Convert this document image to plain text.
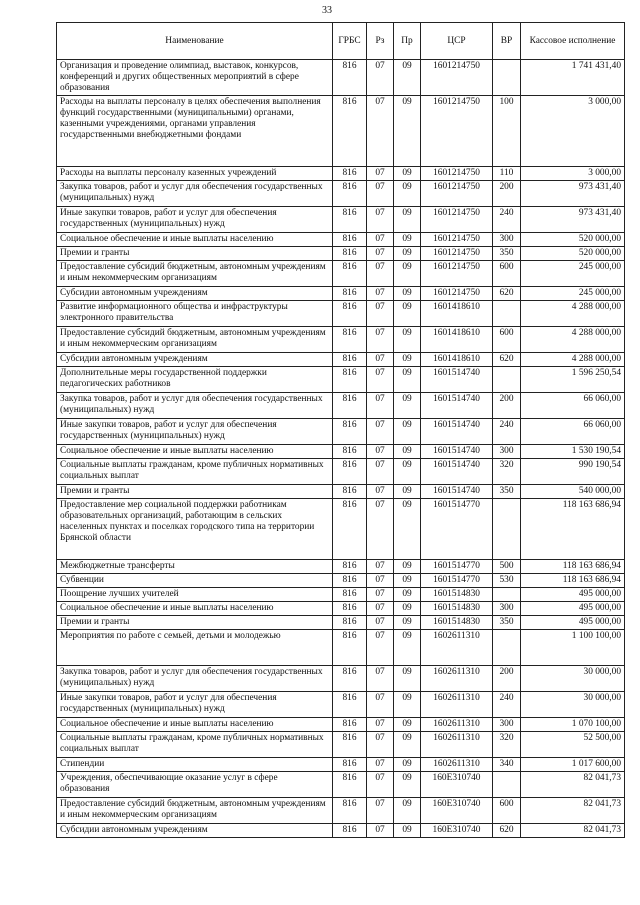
33
Наименование	ГРБС	Рз	Пр	ЦСР	ВР	Кассовое исполнение
Организация и проведение олимпиад, выставок, конкурсов, конференций и других общественных мероприятий в сфере образования	816	07	09	1601214750		1 741 431,40
Расходы на выплаты персоналу в целях обеспечения выполнения функций государственными (муниципальными) органами, казенными учреждениями, органами управления государственными внебюджетными фондами	816	07	09	1601214750	100	3 000,00
Расходы на выплаты персоналу казенных учреждений	816	07	09	1601214750	110	3 000,00
Закупка товаров, работ и услуг для обеспечения государственных (муниципальных) нужд	816	07	09	1601214750	200	973 431,40
Иные закупки товаров, работ и услуг для обеспечения государственных (муниципальных) нужд	816	07	09	1601214750	240	973 431,40
Социальное обеспечение и иные выплаты населению	816	07	09	1601214750	300	520 000,00
Премии и гранты	816	07	09	1601214750	350	520 000,00
Предоставление субсидий бюджетным, автономным учреждениям и иным некоммерческим организациям	816	07	09	1601214750	600	245 000,00
Субсидии автономным учреждениям	816	07	09	1601214750	620	245 000,00
Развитие информационного общества и инфраструктуры электронного правительства	816	07	09	1601418610		4 288 000,00
Предоставление субсидий бюджетным, автономным учреждениям и иным некоммерческим организациям	816	07	09	1601418610	600	4 288 000,00
Субсидии автономным учреждениям	816	07	09	1601418610	620	4 288 000,00
Дополнительные меры государственной поддержки педагогических работников	816	07	09	1601514740		1 596 250,54
Закупка товаров, работ и услуг для обеспечения государственных (муниципальных) нужд	816	07	09	1601514740	200	66 060,00
Иные закупки товаров, работ и услуг для обеспечения государственных (муниципальных) нужд	816	07	09	1601514740	240	66 060,00
Социальное обеспечение и иные выплаты населению	816	07	09	1601514740	300	1 530 190,54
Социальные выплаты гражданам, кроме публичных нормативных социальных выплат	816	07	09	1601514740	320	990 190,54
Премии и гранты	816	07	09	1601514740	350	540 000,00
Предоставление мер социальной поддержки работникам образовательных организаций, работающим в сельских населенных пунктах и поселках городского типа на территории Брянской области	816	07	09	1601514770		118 163 686,94
Межбюджетные трансферты	816	07	09	1601514770	500	118 163 686,94
Субвенции	816	07	09	1601514770	530	118 163 686,94
Поощрение лучших учителей	816	07	09	1601514830		495 000,00
Социальное обеспечение и иные выплаты населению	816	07	09	1601514830	300	495 000,00
Премии и гранты	816	07	09	1601514830	350	495 000,00
Мероприятия по работе с семьей, детьми и молодежью	816	07	09	1602611310		1 100 100,00
Закупка товаров, работ и услуг для обеспечения государственных (муниципальных) нужд	816	07	09	1602611310	200	30 000,00
Иные закупки товаров, работ и услуг для обеспечения государственных (муниципальных) нужд	816	07	09	1602611310	240	30 000,00
Социальное обеспечение и иные выплаты населению	816	07	09	1602611310	300	1 070 100,00
Социальные выплаты гражданам, кроме публичных нормативных социальных выплат	816	07	09	1602611310	320	52 500,00
Стипендии	816	07	09	1602611310	340	1 017 600,00
Учреждения, обеспечивающие оказание услуг в сфере образования	816	07	09	160E310740		82 041,73
Предоставление субсидий бюджетным, автономным учреждениям и иным некоммерческим организациям	816	07	09	160E310740	600	82 041,73
Субсидии автономным учреждениям	816	07	09	160E310740	620	82 041,73
